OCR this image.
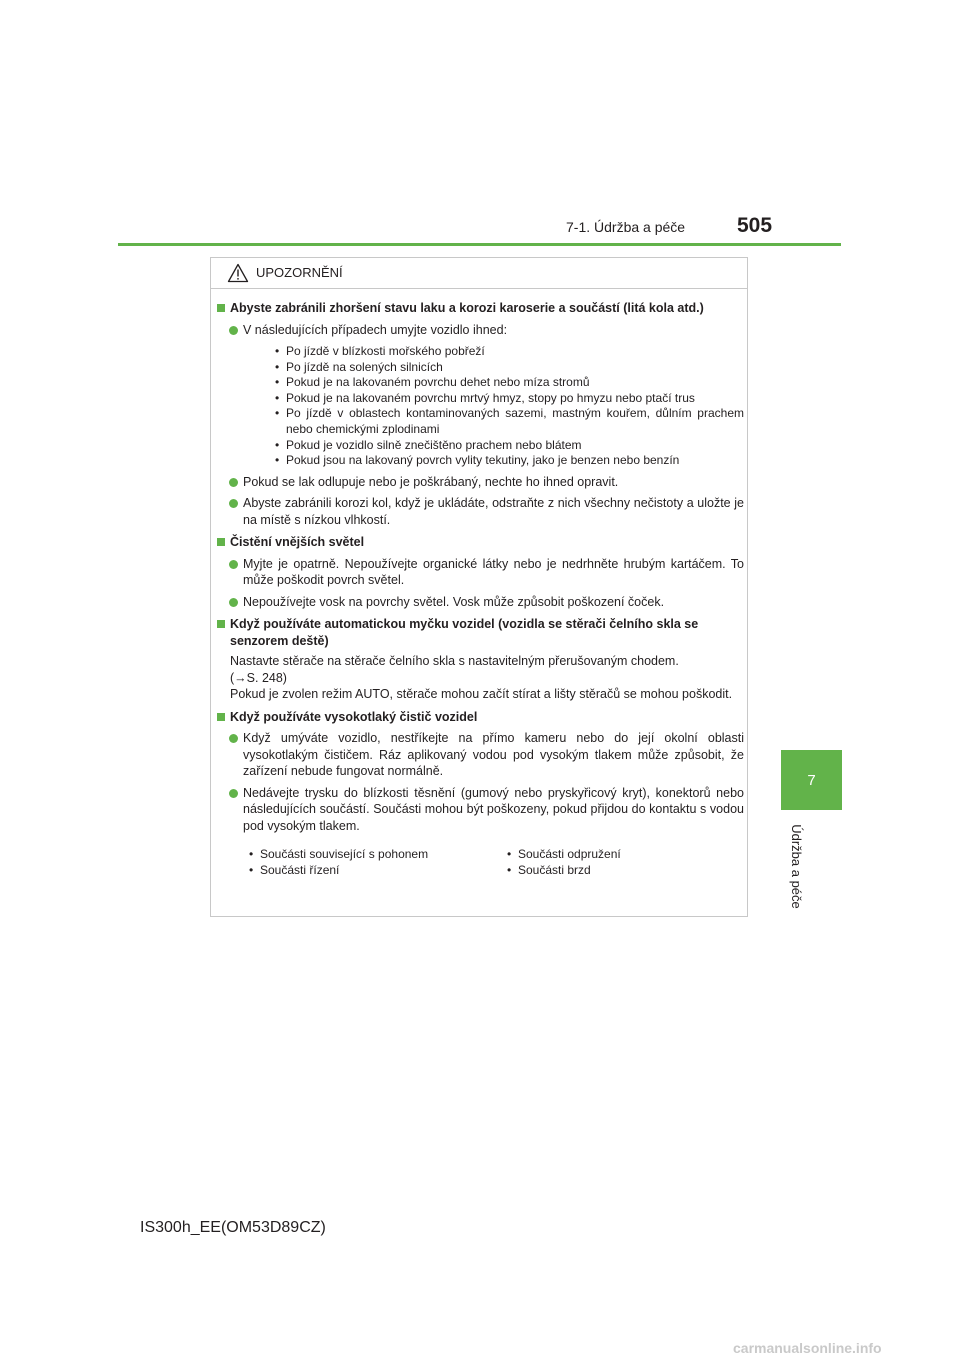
7-1. Údržba a péče 505
7
Údržba a péče
UPOZORNĚNÍ
Abyste zabránili zhoršení stavu laku a korozi karoserie a součástí (litá kola atd.)
V následujících případech umyjte vozidlo ihned:
• Po jízdě v blízkosti mořského pobřeží
• Po jízdě na solených silnicích
• Pokud je na lakovaném povrchu dehet nebo míza stromů
• Pokud je na lakovaném povrchu mrtvý hmyz, stopy po hmyzu nebo ptačí trus
• Po jízdě v oblastech kontaminovaných sazemi, mastným kouřem, důlním prachem nebo chemickými zplodinami
• Pokud je vozidlo silně znečištěno prachem nebo blátem
• Pokud jsou na lakovaný povrch vylity tekutiny, jako je benzen nebo benzín
Pokud se lak odlupuje nebo je poškrábaný, nechte ho ihned opravit.
Abyste zabránili korozi kol, když je ukládáte, odstraňte z nich všechny nečistoty a uložte je na místě s nízkou vlhkostí.
Čistění vnějších světel
Myjte je opatrně. Nepoužívejte organické látky nebo je nedrhněte hrubým kartáčem. To může poškodit povrch světel.
Nepoužívejte vosk na povrchy světel. Vosk může způsobit poškození čoček.
Když používáte automatickou myčku vozidel (vozidla se stěrači čelního skla se senzorem deště)
Nastavte stěrače na stěrače čelního skla s nastavitelným přerušovaným chodem.
(→S. 248)
Pokud je zvolen režim AUTO, stěrače mohou začít stírat a lišty stěračů se mohou poškodit.
Když používáte vysokotlaký čistič vozidel
Když umýváte vozidlo, nestříkejte na přímo kameru nebo do její okolní oblasti vysokotlakým čističem. Ráz aplikovaný vodou pod vysokým tlakem může způsobit, že zařízení nebude fungovat normálně.
Nedávejte trysku do blízkosti těsnění (gumový nebo pryskyřicový kryt), konektorů nebo následujících součástí. Součásti mohou být poškozeny, pokud přijdou do kontaktu s vodou pod vysokým tlakem.
• Součásti související s pohonem	• Součásti odpružení
• Součásti řízení	• Součásti brzd
IS300h_EE(OM53D89CZ)
carmanualsonline.info
